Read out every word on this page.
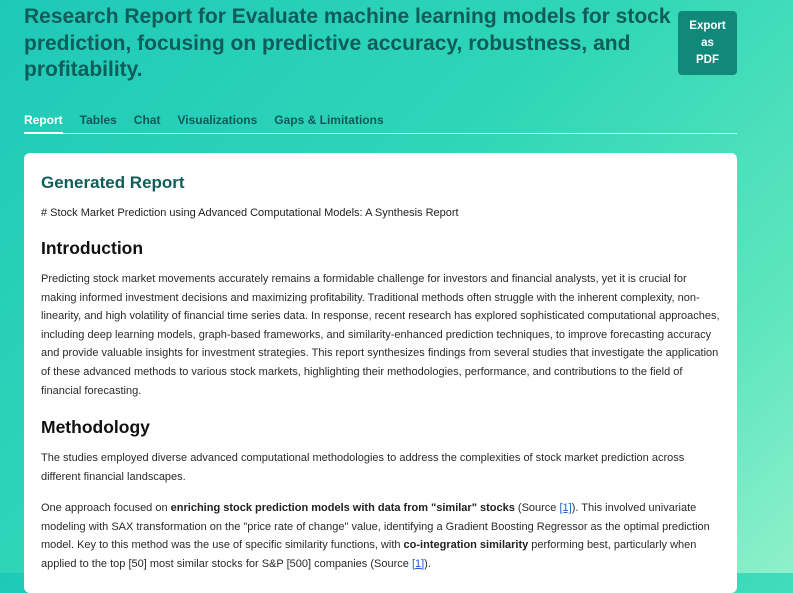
Research Report for Evaluate machine learning models for stock prediction, focusing on predictive accuracy, robustness, and profitability.
Export
as
PDF
Report Tables Chat Visualizations Gaps & Limitations
Generated Report
# Stock Market Prediction using Advanced Computational Models: A Synthesis Report
Introduction

Predicting stock market movements accurately remains a formidable challenge for investors and financial analysts, yet it is crucial for making informed investment decisions and maximizing profitability. Traditional methods often struggle with the inherent complexity, non-linearity, and high volatility of financial time series data. In response, recent research has explored sophisticated computational approaches, including deep learning models, graph-based frameworks, and similarity-enhanced prediction techniques, to improve forecasting accuracy and provide valuable insights for investment strategies. This report synthesizes findings from several studies that investigate the application of these advanced methods to various stock markets, highlighting their methodologies, performance, and contributions to the field of financial forecasting.

Methodology

The studies employed diverse advanced computational methodologies to address the complexities of stock market prediction across different financial landscapes.

One approach focused on enriching stock prediction models with data from "similar" stocks (Source [1]). This involved univariate modeling with SAX transformation on the "price rate of change" value, identifying a Gradient Boosting Regressor as the optimal prediction model. Key to this method was the use of specific similarity functions, with co-integration similarity performing best, particularly when applied to the top [50] most similar stocks for S&P [500] companies (Source [1]).
